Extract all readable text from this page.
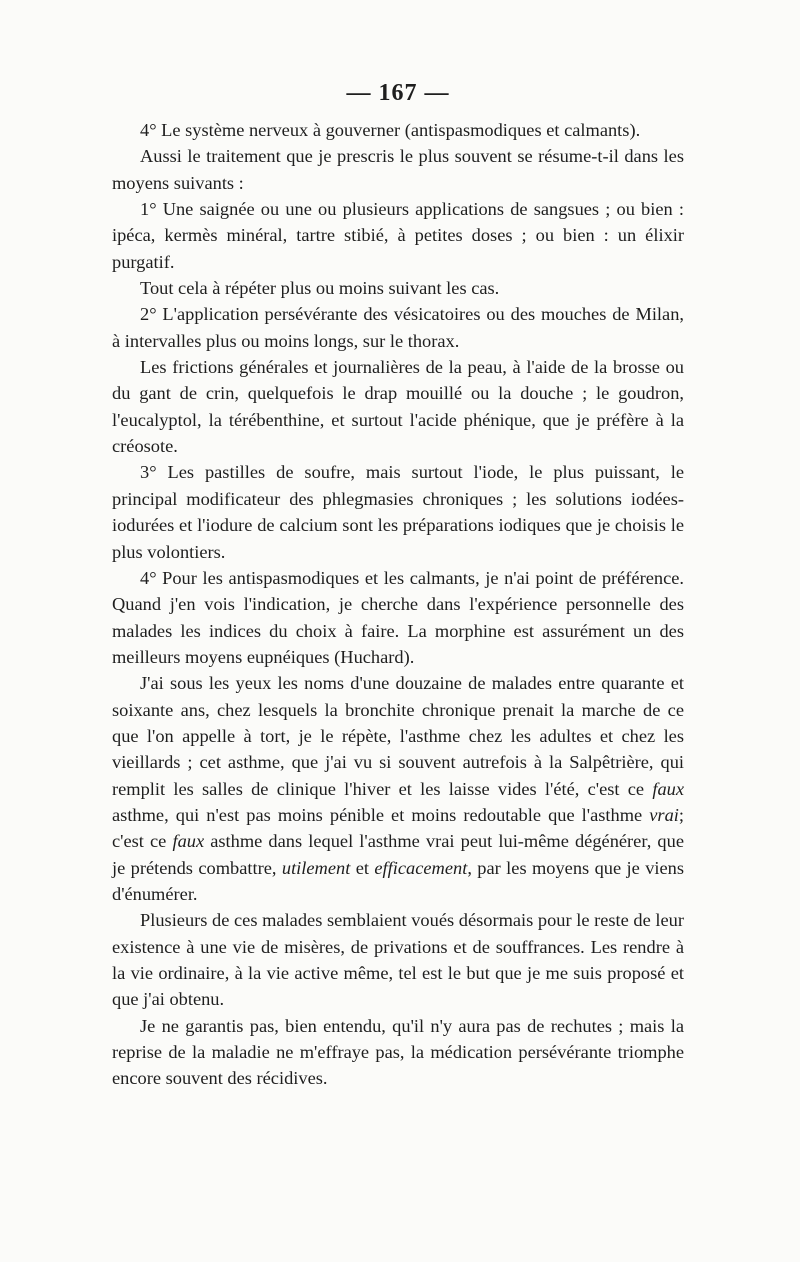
— 167 —

4° Le système nerveux à gouverner (antispasmodiques et calmants).

Aussi le traitement que je prescris le plus souvent se résume-t-il dans les moyens suivants :

1° Une saignée ou une ou plusieurs applications de sangsues ; ou bien : ipéca, kermès minéral, tartre stibié, à petites doses ; ou bien : un élixir purgatif.

Tout cela à répéter plus ou moins suivant les cas.

2° L'application persévérante des vésicatoires ou des mouches de Milan, à intervalles plus ou moins longs, sur le thorax.

Les frictions générales et journalières de la peau, à l'aide de la brosse ou du gant de crin, quelquefois le drap mouillé ou la douche ; le goudron, l'eucalyptol, la térébenthine, et surtout l'acide phénique, que je préfère à la créosote.

3° Les pastilles de soufre, mais surtout l'iode, le plus puissant, le principal modificateur des phlegmasies chroniques ; les solutions iodées-iodurées et l'iodure de calcium sont les préparations iodiques que je choisis le plus volontiers.

4° Pour les antispasmodiques et les calmants, je n'ai point de préférence. Quand j'en vois l'indication, je cherche dans l'expérience personnelle des malades les indices du choix à faire. La morphine est assurément un des meilleurs moyens eupnéiques (Huchard).

J'ai sous les yeux les noms d'une douzaine de malades entre quarante et soixante ans, chez lesquels la bronchite chronique prenait la marche de ce que l'on appelle à tort, je le répète, l'asthme chez les adultes et chez les vieillards ; cet asthme, que j'ai vu si souvent autrefois à la Salpêtrière, qui remplit les salles de clinique l'hiver et les laisse vides l'été, c'est ce faux asthme, qui n'est pas moins pénible et moins redoutable que l'asthme vrai; c'est ce faux asthme dans lequel l'asthme vrai peut lui-même dégénérer, que je prétends combattre, utilement et efficacement, par les moyens que je viens d'énumérer.

Plusieurs de ces malades semblaient voués désormais pour le reste de leur existence à une vie de misères, de privations et de souffrances. Les rendre à la vie ordinaire, à la vie active même, tel est le but que je me suis proposé et que j'ai obtenu.

Je ne garantis pas, bien entendu, qu'il n'y aura pas de rechutes ; mais la reprise de la maladie ne m'effraye pas, la médication persévérante triomphe encore souvent des récidives.
